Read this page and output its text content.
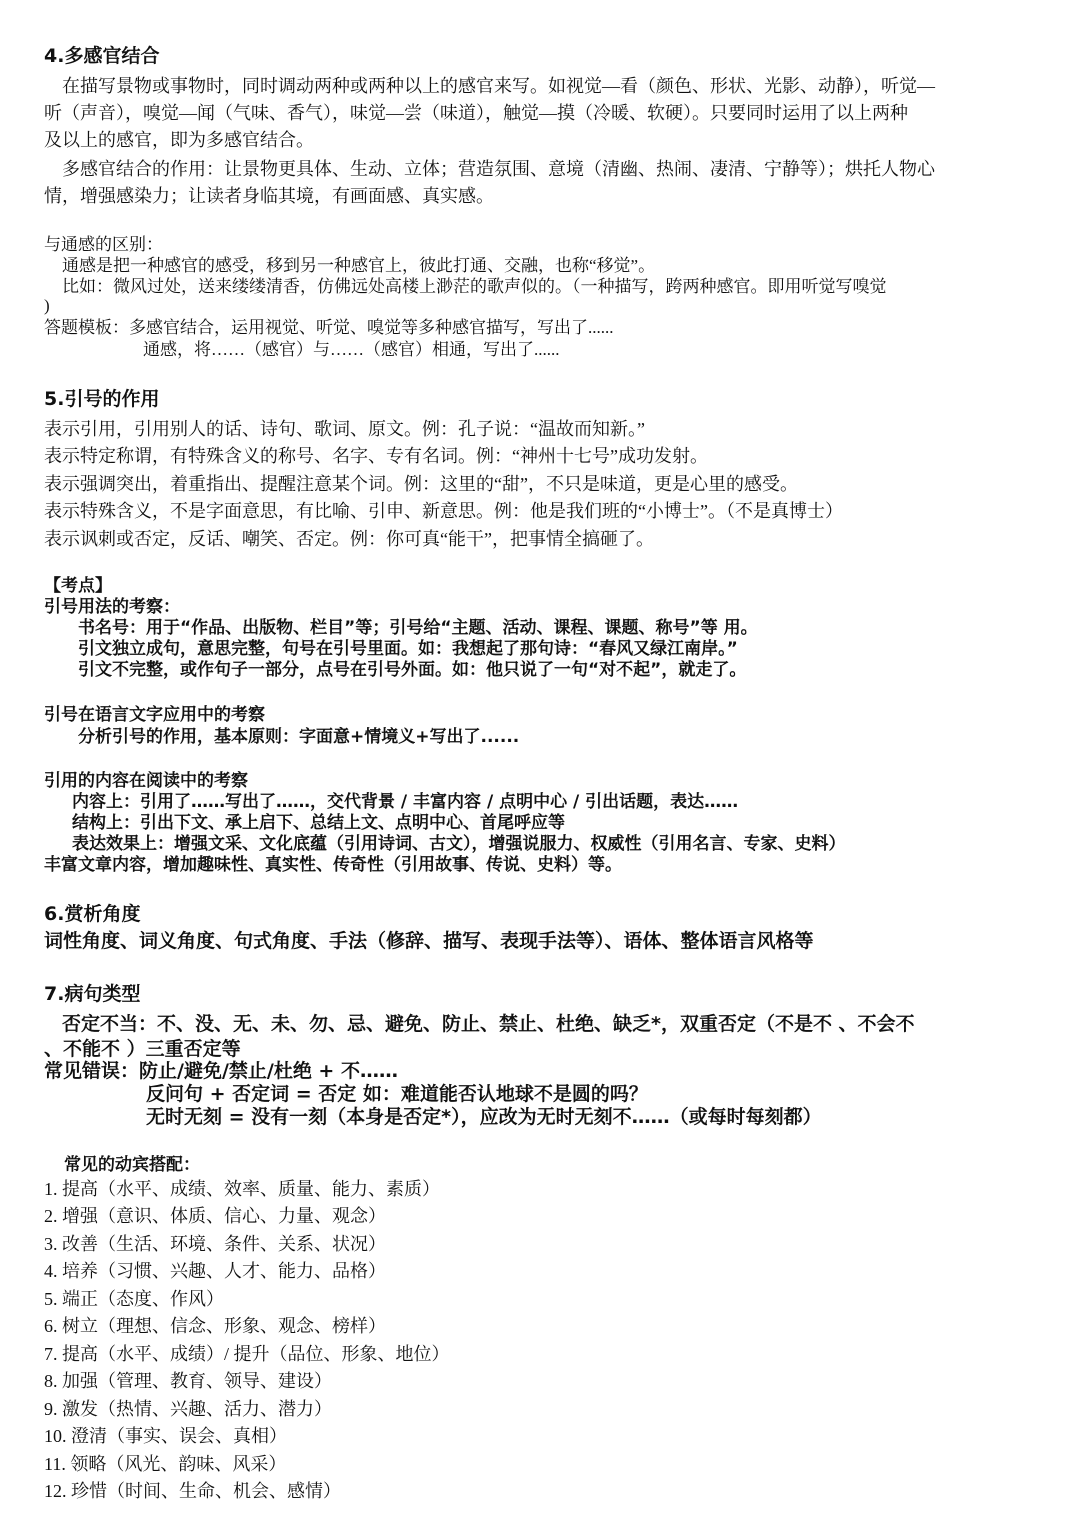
4.多感官结合
在描写景物或事物时，同时调动两种或两种以上的感官来写。如视觉—看（颜色、形状、光影、动静），听觉—
听（声音），嗅觉—闻（气味、香气），味觉—尝（味道），触觉—摸（冷暖、软硬）。只要同时运用了以上两种
及以上的感官，即为多感官结合。
多感官结合的作用：让景物更具体、生动、立体；营造氛围、意境（清幽、热闹、凄清、宁静等）；烘托人物心
情，增强感染力；让读者身临其境，有画面感、真实感。
与通感的区别：
通感是把一种感官的感受，移到另一种感官上，彼此打通、交融，也称“移觉”。
比如：微风过处，送来缕缕清香，仿佛远处高楼上渺茫的歌声似的。（一种描写，跨两种感官。即用听觉写嗅觉
)
答题模板：多感官结合，运用视觉、听觉、嗅觉等多种感官描写，写出了......
通感，将……（感官）与……（感官）相通，写出了......
5.引号的作用
表示引用，引用别人的话、诗句、歌词、原文。例：孔子说：“温故而知新。”
表示特定称谓，有特殊含义的称号、名字、专有名词。例：“神州十七号”成功发射。
表示强调突出，着重指出、提醒注意某个词。例：这里的“甜”，不只是味道，更是心里的感受。
表示特殊含义，不是字面意思，有比喻、引申、新意思。例：他是我们班的“小博士”。（不是真博士）
表示讽刺或否定，反话、嘲笑、否定。例：你可真“能干”，把事情全搞砸了。
【考点】
引号用法的考察：
书名号：用于“作品、出版物、栏目”等；引号给“主题、活动、课程、课题、称号”等 用。
引文独立成句，意思完整，句号在引号里面。如：我想起了那句诗：“春风又绿江南岸。”
引文不完整，或作句子一部分，点号在引号外面。如：他只说了一句“对不起”，就走了。
引号在语言文字应用中的考察
分析引号的作用，基本原则：字面意+情境义+写出了......
引用的内容在阅读中的考察
内容上：引用了……写出了……，交代背景 / 丰富内容 / 点明中心 / 引出话题，表达……
结构上：引出下文、承上启下、总结上文、点明中心、首尾呼应等
表达效果上：增强文采、文化底蕴（引用诗词、古文），增强说服力、权威性（引用名言、专家、史料）
丰富文章内容，增加趣味性、真实性、传奇性（引用故事、传说、史料）等。
6.赏析角度
词性角度、词义角度、句式角度、手法（修辞、描写、表现手法等）、语体、整体语言风格等
7.病句类型
否定不当：不、没、无、未、勿、忌、避免、防止、禁止、杜绝、缺乏*，双重否定（不是不 、不会不
、不能不 ）三重否定等
常见错误：防止/避免/禁止/杜绝 + 不……
反问句 + 否定词 = 否定 如：难道能否认地球不是圆的吗？
无时无刻 = 没有一刻（本身是否定*），应改为无时无刻不……（或每时每刻都）
常见的动宾搭配：
1. 提高（水平、成绩、效率、质量、能力、素质）
2. 增强（意识、体质、信心、力量、观念）
3. 改善（生活、环境、条件、关系、状况）
4. 培养（习惯、兴趣、人才、能力、品格）
5. 端正（态度、作风）
6. 树立（理想、信念、形象、观念、榜样）
7. 提高（水平、成绩）/ 提升（品位、形象、地位）
8. 加强（管理、教育、领导、建设）
9. 激发（热情、兴趣、活力、潜力）
10. 澄清（事实、误会、真相）
11. 领略（风光、韵味、风采）
12. 珍惜（时间、生命、机会、感情）
